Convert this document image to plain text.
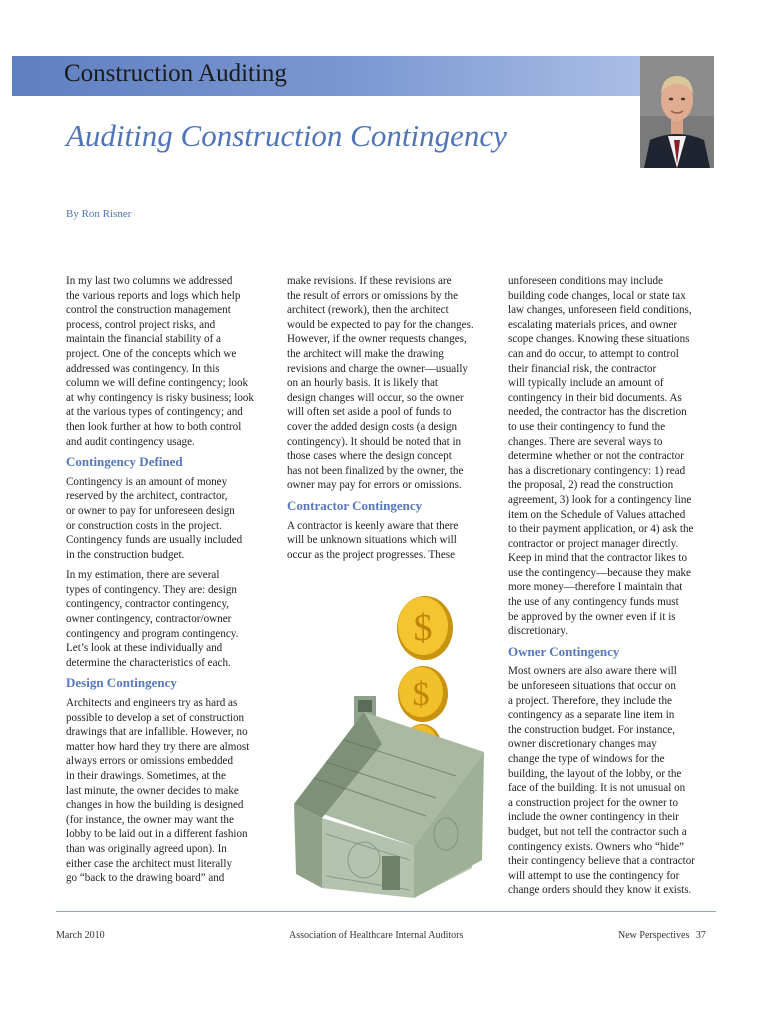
Construction Auditing
Auditing Construction Contingency
By Ron Risner

In my last two columns we addressed
the various reports and logs which help
control the construction management
process, control project risks, and
maintain the financial stability of a
project. One of the concepts which we
addressed was contingency. In this
column we will define contingency; look
at why contingency is risky business; look
at the various types of contingency; and
then look further at how to both control
and audit contingency usage.

Contingency Defined

Contingency is an amount of money
reserved by the architect, contractor,
or owner to pay for unforeseen design
or construction costs in the project.
Contingency funds are usually included
in the construction budget.

In my estimation, there are several
types of contingency. They are: design
contingency, contractor contingency,
owner contingency, contractor/owner
contingency and program contingency.
Let’s look at these individually and
determine the characteristics of each.

Design Contingency

Architects and engineers try as hard as
possible to develop a set of construction
drawings that are infallible. However, no
matter how hard they try there are almost
always errors or omissions embedded
in their drawings. Sometimes, at the
last minute, the owner decides to make
changes in how the building is designed
(for instance, the owner may want the
lobby to be laid out in a different fashion
than was originally agreed upon). In
either case the architect must literally
go “back to the drawing board” and

make revisions. If these revisions are
the result of errors or omissions by the
architect (rework), then the architect
would be expected to pay for the changes.
However, if the owner requests changes,
the architect will make the drawing
revisions and charge the owner—usually
on an hourly basis. It is likely that
design changes will occur, so the owner
will often set aside a pool of funds to
cover the added design costs (a design
contingency). It should be noted that in
those cases where the design concept
has not been finalized by the owner, the
owner may pay for errors or omissions.

Contractor Contingency

A contractor is keenly aware that there
will be unknown situations which will
occur as the project progresses. These

$
$

unforeseen conditions may include
building code changes, local or state tax
law changes, unforeseen field conditions,
escalating materials prices, and owner
scope changes. Knowing these situations
can and do occur, to attempt to control
their financial risk, the contractor
will typically include an amount of
contingency in their bid documents. As
needed, the contractor has the discretion
to use their contingency to fund the
changes. There are several ways to
determine whether or not the contractor
has a discretionary contingency: 1) read
the proposal, 2) read the construction
agreement, 3) look for a contingency line
item on the Schedule of Values attached
to their payment application, or 4) ask the
contractor or project manager directly.
Keep in mind that the contractor likes to
use the contingency—because they make
more money—therefore I maintain that
the use of any contingency funds must
be approved by the owner even if it is
discretionary.

Owner Contingency

Most owners are also aware there will
be unforeseen situations that occur on
a project. Therefore, they include the
contingency as a separate line item in
the construction budget. For instance,
owner discretionary changes may
change the type of windows for the
building, the layout of the lobby, or the
face of the building. It is not unusual on
a construction project for the owner to
include the owner contingency in their
budget, but not tell the contractor such a
contingency exists. Owners who “hide”
their contingency believe that a contractor
will attempt to use the contingency for
change orders should they know it exists.

March 2010	Association of Healthcare Internal Auditors	New Perspectives 37
